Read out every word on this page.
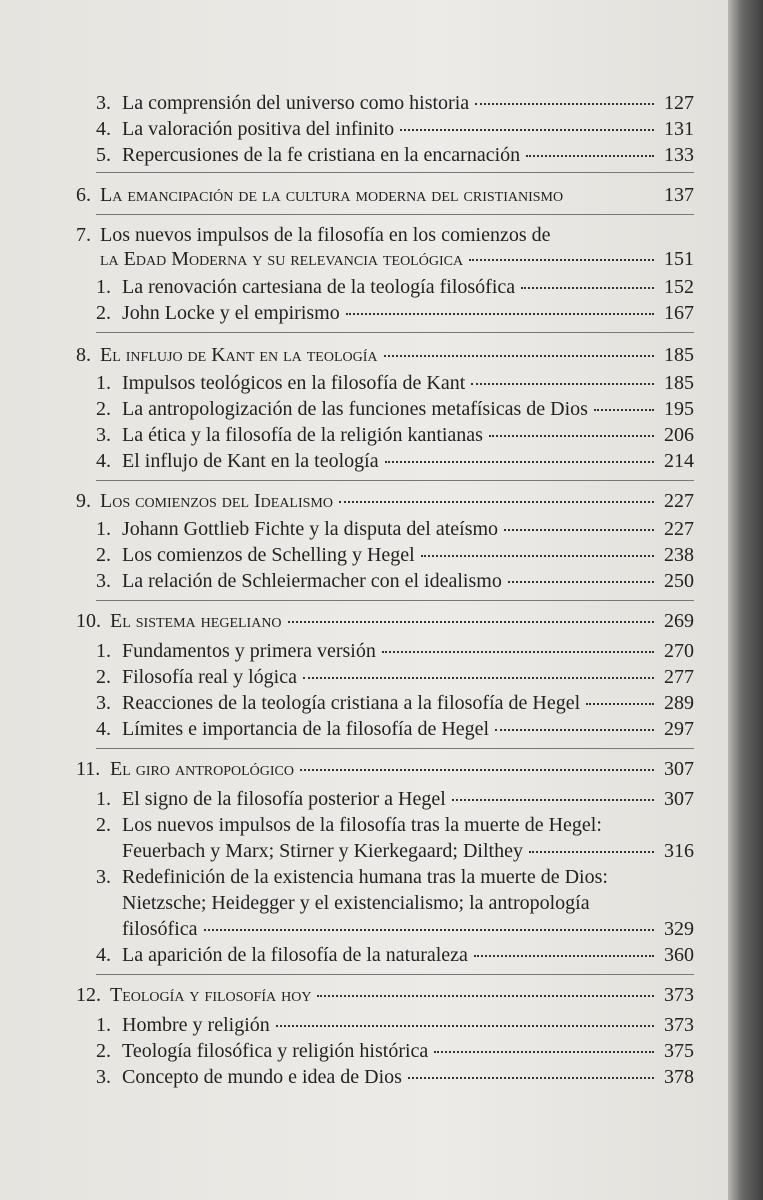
3. La comprensión del universo como historia	127
4. La valoración positiva del infinito	131
5. Repercusiones de la fe cristiana en la encarnación	133
6. La emancipación de la cultura moderna del cristianismo	137
7. Los nuevos impulsos de la filosofía en los comienzos de
la Edad Moderna y su relevancia teológica	151
1. La renovación cartesiana de la teología filosófica	152
2. John Locke y el empirismo	167
8. El influjo de Kant en la teología	185
1. Impulsos teológicos en la filosofía de Kant	185
2. La antropologización de las funciones metafísicas de Dios	195
3. La ética y la filosofía de la religión kantianas	206
4. El influjo de Kant en la teología	214
9. Los comienzos del Idealismo	227
1. Johann Gottlieb Fichte y la disputa del ateísmo	227
2. Los comienzos de Schelling y Hegel	238
3. La relación de Schleiermacher con el idealismo	250
10. El sistema hegeliano	269
1. Fundamentos y primera versión	270
2. Filosofía real y lógica	277
3. Reacciones de la teología cristiana a la filosofía de Hegel	289
4. Límites e importancia de la filosofía de Hegel	297
11. El giro antropológico	307
1. El signo de la filosofía posterior a Hegel	307
2. Los nuevos impulsos de la filosofía tras la muerte de Hegel:
Feuerbach y Marx; Stirner y Kierkegaard; Dilthey	316
3. Redefinición de la existencia humana tras la muerte de Dios:
Nietzsche; Heidegger y el existencialismo; la antropología
filosófica	329
4. La aparición de la filosofía de la naturaleza	360
12. Teología y filosofía hoy	373
1. Hombre y religión	373
2. Teología filosófica y religión histórica	375
3. Concepto de mundo e idea de Dios	378
